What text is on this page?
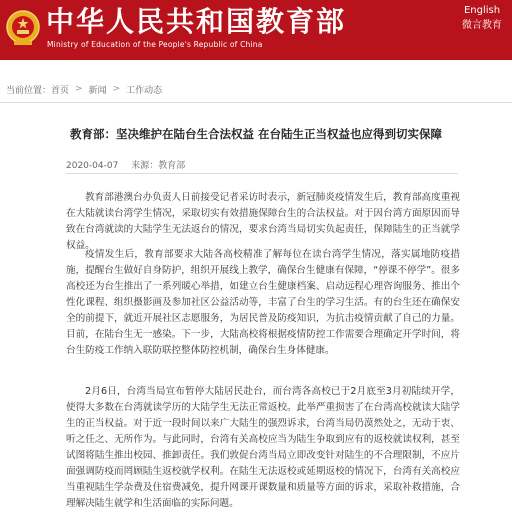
中华人民共和国教育部
Ministry of Education of the People's Republic of China
English
微言教育
当前位置： 首页 > 新闻 > 工作动态
教育部：坚决维护在陆台生合法权益 在台陆生正当权益也应得到切实保障
2020-04-07 来源：教育部
教育部港澳台办负责人日前接受记者采访时表示，新冠肺炎疫情发生后，教育部高度重视在大陆就读台湾学生情况，采取切实有效措施保障台生的合法权益。对于因台湾方面原因而导致在台湾就读的大陆学生无法返台的情况，要求台湾当局切实负起责任，保障陆生的正当就学权益。
疫情发生后，教育部要求大陆各高校精准了解每位在读台湾学生情况，落实属地防疫措施，提醒台生做好自身防护，组织开展线上教学，确保台生健康有保障，“停课不停学”。很多高校还为台生推出了一系列暖心举措，如建立台生健康档案、启动远程心理咨询服务、推出个性化课程、组织摄影画及参加社区公益活动等，丰富了台生的学习生活。有的台生还在确保安全的前提下，就近开展社区志愿服务，为居民普及防疫知识，为抗击疫情贡献了自己的力量。目前，在陆台生无一感染。下一步，大陆高校将根据疫情防控工作需要合理确定开学时间，将台生防疫工作纳入联防联控整体防控机制，确保台生身体健康。
2月6日，台湾当局宣布暂停大陆居民赴台，而台湾各高校已于2月底至3月初陆续开学，使得大多数在台湾就读学历的大陆学生无法正常返校。此举严重损害了在台湾高校就读大陆学生的正当权益。对于近一段时间以来广大陆生的强烈诉求，台湾当局仍漠然处之，无动于衷、听之任之、无所作为。与此同时，台湾有关高校应当为陆生争取到应有的返校就读权利，甚至试图将陆生推出校园、推卸责任。我们敦促台湾当局立即改变针对陆生的不合理限制，不应片面强调防疫而罔顾陆生返校就学权利。在陆生无法返校或延期返校的情况下，台湾有关高校应当重视陆生学杂费及住宿费减免，提升网课开课数量和质量等方面的诉求，采取补救措施，合理解决陆生就学和生活面临的实际问题。
